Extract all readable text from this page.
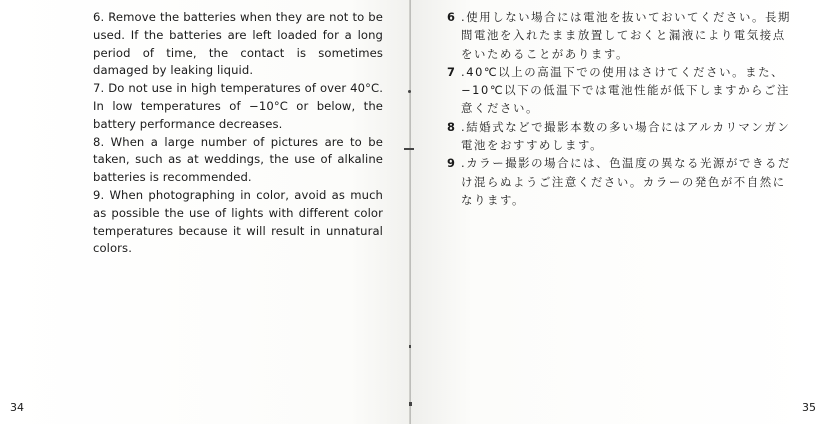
6. Remove the batteries when they are not to be used. If the batteries are left loaded for a long period of time, the contact is sometimes damaged by leaking liquid.

7. Do not use in high temperatures of over 40°C. In low temperatures of −10°C or below, the battery performance decreases.

8. When a large number of pictures are to be taken, such as at weddings, the use of alkaline batteries is recommended.

9. When photographing in color, avoid as much as possible the use of lights with different color temperatures because it will result in unnatural colors.

34
6 .使用しない場合には電池を抜いておいてください。長期間電池を入れたまま放置しておくと漏液により電気接点をいためることがあります。
7 .40℃以上の高温下での使用はさけてください。また、−10℃以下の低温下では電池性能が低下しますからご注意ください。
8 .結婚式などで撮影本数の多い場合にはアルカリマンガン電池をおすすめします。
9 .カラー撮影の場合には、色温度の異なる光源ができるだけ混らぬようご注意ください。カラーの発色が不自然になります。
35
